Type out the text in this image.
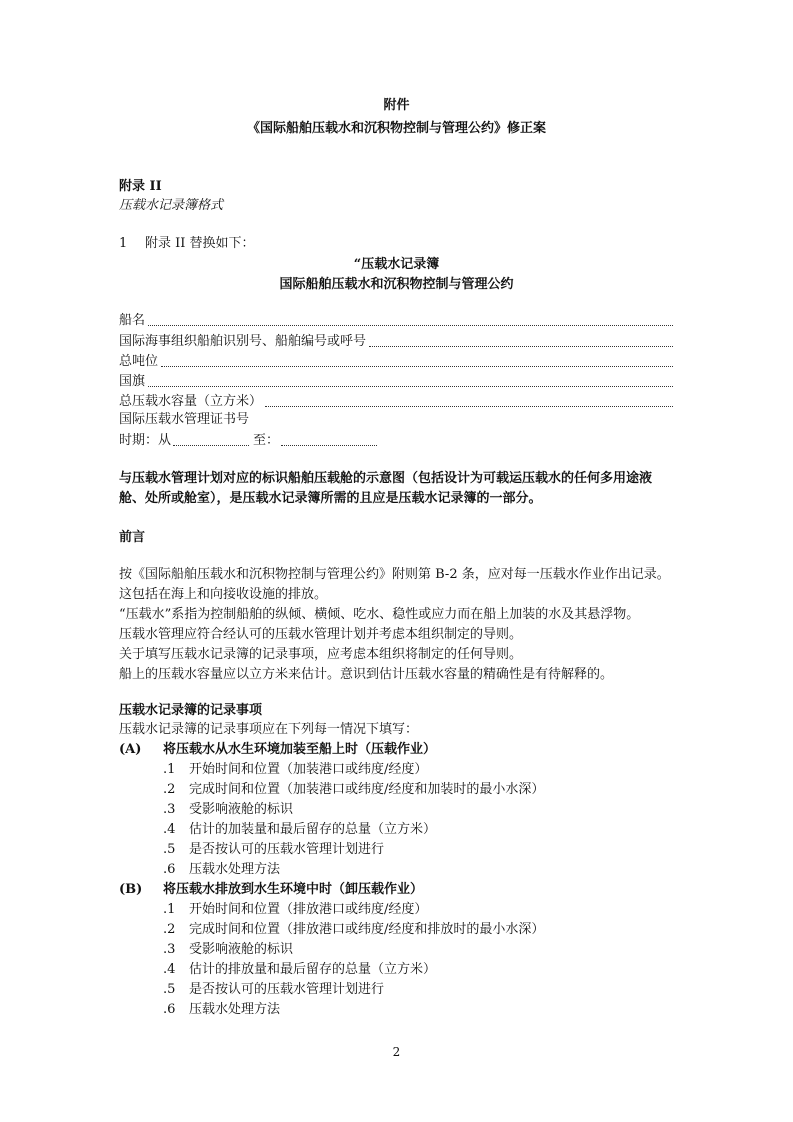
附件
《国际船舶压载水和沉积物控制与管理公约》修正案
附录 II
压载水记录簿格式
1 附录 II 替换如下：
“压载水记录簿
国际船舶压载水和沉积物控制与管理公约
船名
国际海事组织船舶识别号、船舶编号或呼号
总吨位
国旗
总压载水容量（立方米）
国际压载水管理证书号
时期：从	至：
与压载水管理计划对应的标识船舶压载舱的示意图（包括设计为可载运压载水的任何多用途液舱、处所或舱室），是压载水记录簿所需的且应是压载水记录簿的一部分。
前言
按《国际船舶压载水和沉积物控制与管理公约》附则第 B-2 条，应对每一压载水作业作出记录。这包括在海上和向接收设施的排放。
“压载水”系指为控制船舶的纵倾、横倾、吃水、稳性或应力而在船上加装的水及其悬浮物。
压载水管理应符合经认可的压载水管理计划并考虑本组织制定的导则。
关于填写压载水记录簿的记录事项，应考虑本组织将制定的任何导则。
船上的压载水容量应以立方米来估计。意识到估计压载水容量的精确性是有待解释的。
压载水记录簿的记录事项
压载水记录簿的记录事项应在下列每一情况下填写：
(A) 将压载水从水生环境加装至船上时（压载作业）
.1 开始时间和位置（加装港口或纬度/经度）
.2 完成时间和位置（加装港口或纬度/经度和加装时的最小水深）
.3 受影响液舱的标识
.4 估计的加装量和最后留存的总量（立方米）
.5 是否按认可的压载水管理计划进行
.6 压载水处理方法
(B) 将压载水排放到水生环境中时（卸压载作业）
.1 开始时间和位置（排放港口或纬度/经度）
.2 完成时间和位置（排放港口或纬度/经度和排放时的最小水深）
.3 受影响液舱的标识
.4 估计的排放量和最后留存的总量（立方米）
.5 是否按认可的压载水管理计划进行
.6 压载水处理方法
2
